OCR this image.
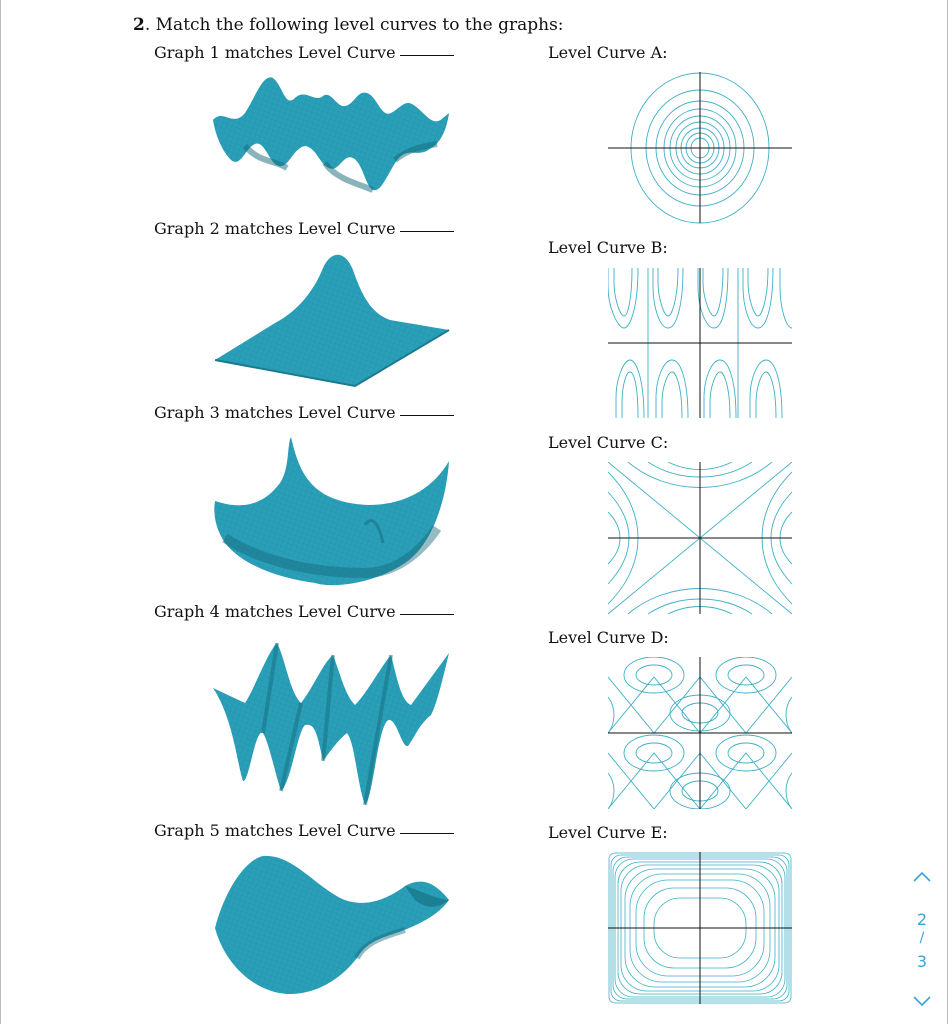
2. Match the following level curves to the graphs:
Graph 1 matches Level Curve
Graph 2 matches Level Curve
Graph 3 matches Level Curve
Graph 4 matches Level Curve
Graph 5 matches Level Curve
Level Curve A:
Level Curve B:
Level Curve C:
Level Curve D:
Level Curve E:
2
/
3
